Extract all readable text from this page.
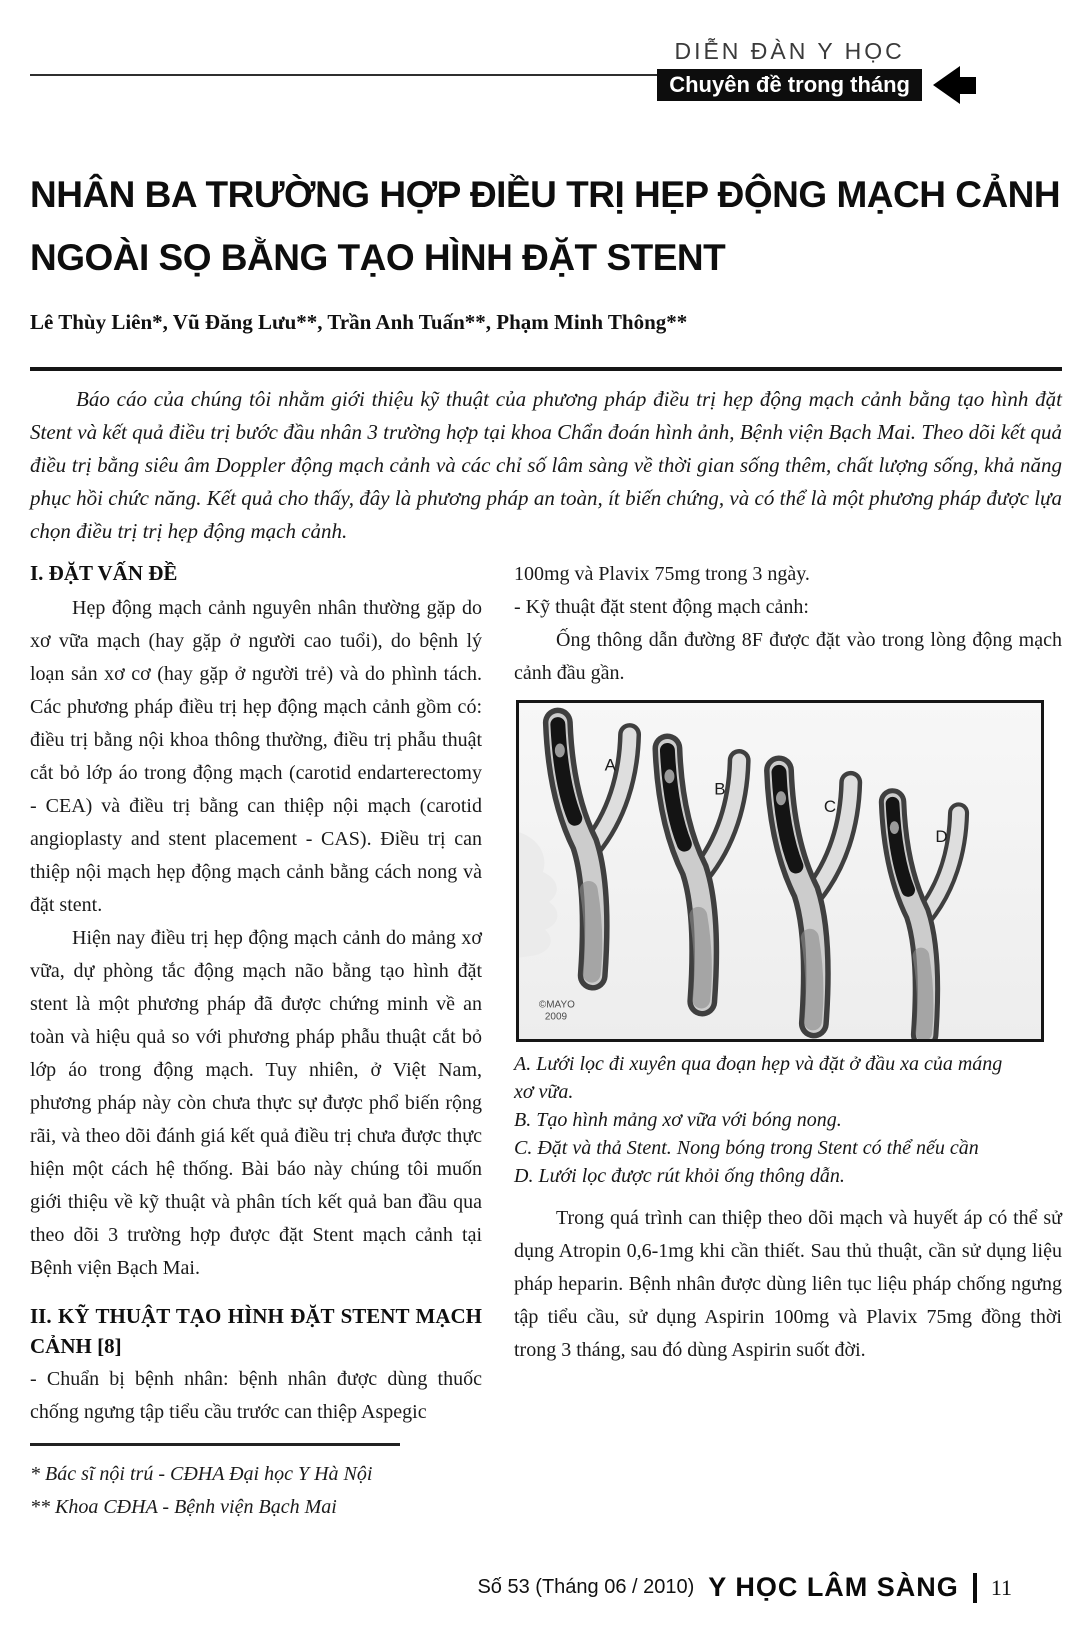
DIỄN ĐÀN Y HỌC
Chuyên đề trong tháng
NHÂN BA TRƯỜNG HỢP ĐIỀU TRỊ HẸP ĐỘNG MẠCH CẢNH
NGOÀI SỌ BẰNG TẠO HÌNH ĐẶT STENT
Lê Thùy Liên*, Vũ Đăng Lưu**, Trần Anh Tuấn**, Phạm Minh Thông**

Báo cáo của chúng tôi nhằm giới thiệu kỹ thuật của phương pháp điều trị hẹp động mạch cảnh bằng tạo hình đặt Stent và kết quả điều trị bước đầu nhân 3 trường hợp tại khoa Chẩn đoán hình ảnh, Bệnh viện Bạch Mai. Theo dõi kết quả điều trị bằng siêu âm Doppler động mạch cảnh và các chỉ số lâm sàng về thời gian sống thêm, chất lượng sống, khả năng phục hồi chức năng. Kết quả cho thấy, đây là phương pháp an toàn, ít biến chứng, và có thể là một phương pháp được lựa chọn điều trị trị hẹp động mạch cảnh.

I. ĐẶT VẤN ĐỀ

Hẹp động mạch cảnh nguyên nhân thường gặp do xơ vữa mạch (hay gặp ở người cao tuổi), do bệnh lý loạn sản xơ cơ (hay gặp ở người trẻ) và do phình tách. Các phương pháp điều trị hẹp động mạch cảnh gồm có: điều trị bằng nội khoa thông thường, điều trị phẫu thuật cắt bỏ lớp áo trong động mạch (carotid endarterectomy - CEA) và điều trị bằng can thiệp nội mạch (carotid angioplasty and stent placement - CAS). Điều trị can thiệp nội mạch hẹp động mạch cảnh bằng cách nong và đặt stent.

Hiện nay điều trị hẹp động mạch cảnh do mảng xơ vữa, dự phòng tắc động mạch não bằng tạo hình đặt stent là một phương pháp đã được chứng minh về an toàn và hiệu quả so với phương pháp phẫu thuật cắt bỏ lớp áo trong động mạch. Tuy nhiên, ở Việt Nam, phương pháp này còn chưa thực sự được phổ biến rộng rãi, và theo dõi đánh giá kết quả điều trị chưa được thực hiện một cách hệ thống. Bài báo này chúng tôi muốn giới thiệu về kỹ thuật và phân tích kết quả ban đầu qua theo dõi 3 trường hợp được đặt Stent mạch cảnh tại Bệnh viện Bạch Mai.

II. KỸ THUẬT TẠO HÌNH ĐẶT STENT MẠCH CẢNH [8]

- Chuẩn bị bệnh nhân: bệnh nhân được dùng thuốc chống ngưng tập tiểu cầu trước can thiệp Aspegic

100mg và Plavix 75mg trong 3 ngày.

- Kỹ thuật đặt stent động mạch cảnh:

Ống thông dẫn đường 8F được đặt vào trong lòng động mạch cảnh đầu gần.

A
B
C
D
©MAYO
2009
A. Lưới lọc đi xuyên qua đoạn hẹp và đặt ở đầu xa của máng xơ vữa.
B. Tạo hình mảng xơ vữa với bóng nong.
C. Đặt và thả Stent. Nong bóng trong Stent có thể nếu cần
D. Lưới lọc được rút khỏi ống thông dẫn.

Trong quá trình can thiệp theo dõi mạch và huyết áp có thể sử dụng Atropin 0,6-1mg khi cần thiết. Sau thủ thuật, cần sử dụng liệu pháp heparin. Bệnh nhân được dùng liên tục liệu pháp chống ngưng tập tiểu cầu, sử dụng Aspirin 100mg và Plavix 75mg đồng thời trong 3 tháng, sau đó dùng Aspirin suốt đời.

* Bác sĩ nội trú - CĐHA Đại học Y Hà Nội
** Khoa CĐHA - Bệnh viện Bạch Mai
Số 53 (Tháng 06 / 2010) Y HỌC LÂM SÀNG 11
